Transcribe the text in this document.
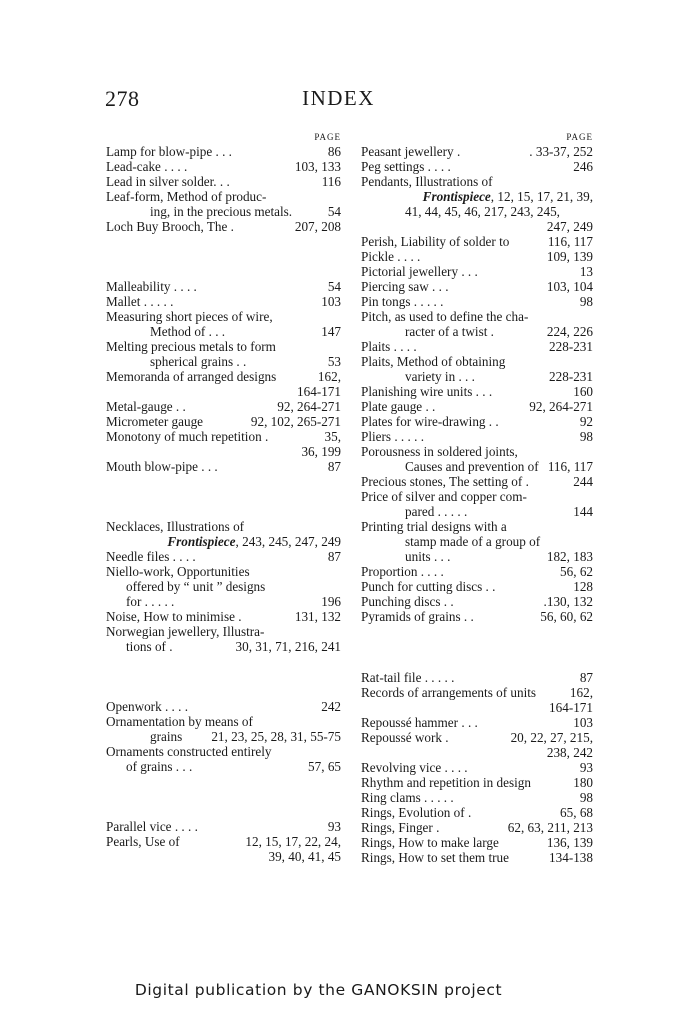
278	INDEX
PAGE
Lamp for blow-pipe . . .	86
Lead-cake . . . .	103, 133
Lead in silver solder. . .	116
Leaf-form, Method of produc-
ing, in the precious metals.	54
Loch Buy Brooch, The .	207, 208
Malleability . . . .	54
Mallet . . . . .	103
Measuring short pieces of wire,
Method of . . .	147
Melting precious metals to form
spherical grains . .	53
Memoranda of arranged designs	162,
164-171
Metal-gauge . .	92, 264-271
Micrometer gauge	92, 102, 265-271
Monotony of much repetition .	35,
36, 199
Mouth blow-pipe . . .	87
Necklaces, Illustrations of
Frontispiece, 243, 245, 247, 249
Needle files . . . .	87
Niello-work, Opportunities
offered by “ unit ” designs
for . . . . .	196
Noise, How to minimise .	131, 132
Norwegian jewellery, Illustra-
tions of .	30, 31, 71, 216, 241
Openwork . . . .	242
Ornamentation by means of
grains 21, 23, 25, 28, 31, 55-75
Ornaments constructed entirely
of grains . . .	57, 65
Parallel vice . . . .	93
Pearls, Use of	12, 15, 17, 22, 24,
39, 40, 41, 45
PAGE
Peasant jewellery .	. 33-37, 252
Peg settings . . . .	246
Pendants, Illustrations of
Frontispiece, 12, 15, 17, 21, 39,
41, 44, 45, 46, 217, 243, 245,
247, 249
Perish, Liability of solder to	116, 117
Pickle . . . .	109, 139
Pictorial jewellery . . .	13
Piercing saw . . .	103, 104
Pin tongs . . . . .	98
Pitch, as used to define the cha-
racter of a twist .	224, 226
Plaits . . . .	228-231
Plaits, Method of obtaining
variety in . . .	228-231
Planishing wire units . . .	160
Plate gauge . .	92, 264-271
Plates for wire-drawing . .	92
Pliers . . . . .	98
Porousness in soldered joints,
Causes and prevention of 116, 117
Precious stones, The setting of .	244
Price of silver and copper com-
pared . . . . .	144
Printing trial designs with a
stamp made of a group of
units . . .	182, 183
Proportion . . . .	56, 62
Punch for cutting discs . .	128
Punching discs . .	.130, 132
Pyramids of grains . .	56, 60, 62
Rat-tail file . . . . .	87
Records of arrangements of units	162,
164-171
Repoussé hammer . . .	103
Repoussé work .	20, 22, 27, 215,
238, 242
Revolving vice . . . .	93
Rhythm and repetition in design	180
Ring clams . . . . .	98
Rings, Evolution of .	65, 68
Rings, Finger .	62, 63, 211, 213
Rings, How to make large	136, 139
Rings, How to set them true	134-138
Digital publication by the GANOKSIN project
